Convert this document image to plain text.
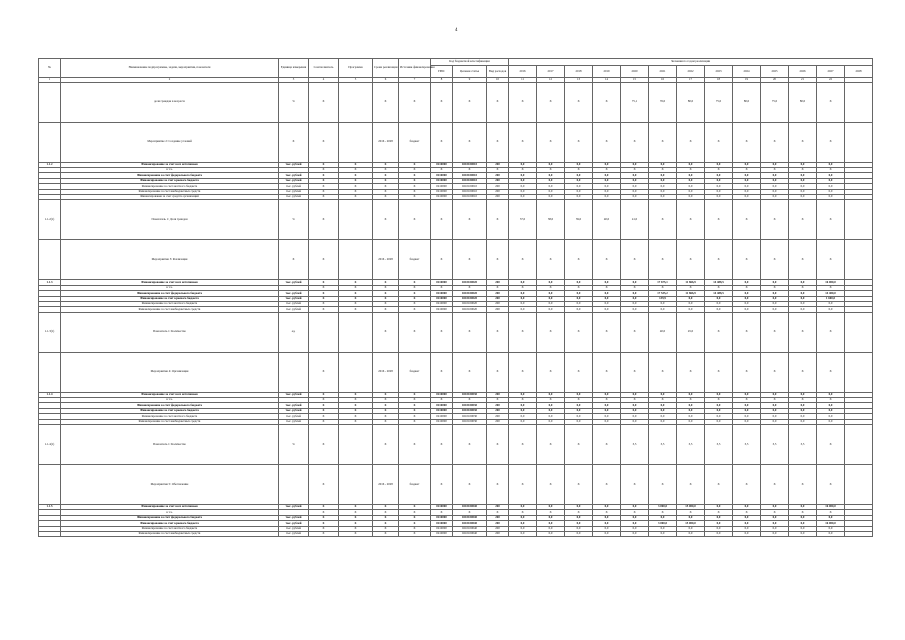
4
№	Наименование подпрограммы, задачи, мероприятия, показателя	Единица измерения	Соисполнитель	Программа	Сроки реализации	Источник финансирования	Код бюджетной классификации			Значения по годам реализации												
							ГРБС	Целевая статья	Вид расходов	2016	2017	2018	2019	2020	2021	2022	2023	2024	2025	2026	2027	2028
1	2	3	4	5	6	7	8	9	10	11	12	13	14	15	16	17	18	19	20	21	22	
	доля граждан в возрасте	%	Х		Х	Х	Х	Х	Х	Х	Х	Х	Х	75,1	76,0	80,0	75,0	80,0	75,0	80,0	Х	
	Мероприятие 2: Создание условий	Х	Х		2016 - 2028	бюджет	Х	Х	Х	Х	Х	Х	Х	Х	Х	Х	Х	Х	Х	Х	Х	
1.1.2	Финансирование за счет всех источников	тыс. рублей	Х	Х	Х	Х	0210000	0210100010	200	0,0	0,0	0,0	0,0	0,0	0,0	0,0	0,0	0,0	0,0	0,0	0,0	
	в т.ч.		Х	Х	Х	Х	Х	Х	Х	Х	Х	Х	Х	Х	Х	Х	Х	Х	Х	Х	Х	
	Финансирование за счет федерального бюджета	тыс. рублей	Х	Х	Х	Х	0210000	0210100010	200	0,0	0,0	0,0	0,0	0,0	0,0	0,0	0,0	0,0	0,0	0,0	0,0	
	Финансирование за счет краевого бюджета	тыс. рублей	Х	Х	Х	Х	0210000	0210100010	200	0,0	0,0	0,0	0,0	0,0	0,0	0,0	0,0	0,0	0,0	0,0	0,0	
	Финансирование за счет местного бюджета	тыс. рублей	Х	Х	Х	Х	0210000	0210100010	200	0,0	0,0	0,0	0,0	0,0	0,0	0,0	0,0	0,0	0,0	0,0	0,0	
	Финансирование за счет внебюджетных средств	тыс. рублей	Х	Х	Х	Х	0210000	0210100010	200	0,0	0,0	0,0	0,0	0,0	0,0	0,0	0,0	0,0	0,0	0,0	0,0	
	Финансирование за счет средств организаций	тыс. рублей	Х	Х	Х	Х	0210000	0210100010	200	0,0	0,0	0,0	0,0	0,0	0,0	0,0	0,0	0,0	0,0	0,0	0,0	
1.1.2(1)	Показатель 1: Доля граждан	%	Х		Х	Х	Х	Х	Х	37,0	38,0	39,0	40,0	41,0	Х	Х	Х	Х	Х	Х	Х	
	Мероприятие 3: Реализация	Х	Х		2016 - 2028	бюджет	Х	Х	Х	Х	Х	Х	Х	Х	Х	Х	Х	Х	Х	Х	Х	
1.1.3	Финансирование за счет всех источников	тыс. рублей	Х	Х	Х	Х	0210000	0210100020	200	0,0	0,0	0,0	0,0	0,0	17 675,1	11 866,9	14 488,5	0,0	0,0	0,0	16 000,0	
	в т.ч.		Х	Х	Х	Х	Х	Х	Х	Х	Х	Х	Х	Х	Х	Х	Х	Х	Х	Х	Х	
	Финансирование за счет федерального бюджета	тыс. рублей	Х	Х	Х	Х	0210000	0210100020	200	0,0	0,0	0,0	0,0	0,0	17 535,2	11 866,9	14 488,5	0,0	0,0	0,0	14 400,0	
	Финансирование за счет краевого бюджета	тыс. рублей	Х	Х	Х	Х	0210000	0210100020	200	0,0	0,0	0,0	0,0	0,0	139,9	0,0	0,0	0,0	0,0	0,0	1 600,0	
	Финансирование за счет местного бюджета	тыс. рублей	Х	Х	Х	Х	0210000	0210100020	200	0,0	0,0	0,0	0,0	0,0	0,0	0,0	0,0	0,0	0,0	0,0	0,0	
	Финансирование за счет внебюджетных средств	тыс. рублей	Х	Х	Х	Х	0210000	0210100020	200	0,0	0,0	0,0	0,0	0,0	0,0	0,0	0,0	0,0	0,0	0,0	0,0	
1.1.3(1)	Показатель 1: Количество	ед.			Х	Х	Х	Х	Х	Х	Х	Х	Х	Х	40,0	45,0	Х	Х	Х	Х	Х	
	Мероприятие 4: Организация		Х		2016 - 2028	бюджет	Х	Х	Х	Х	Х	Х	Х	Х	Х	Х	Х	Х	Х	Х	Х	
1.1.4	Финансирование за счет всех источников	тыс. рублей	Х	Х	Х	Х	0210000	0210100030	200	0,0	0,0	0,0	0,0	0,0	0,0	0,0	0,0	0,0	0,0	0,0	0,0	
	в т.ч.		Х	Х	Х	Х	Х	Х	Х	Х	Х	Х	Х	Х	Х	Х	Х	Х	Х	Х	Х	
	Финансирование за счет федерального бюджета	тыс. рублей	Х	Х	Х	Х	0210000	0210100030	200	0,0	0,0	0,0	0,0	0,0	0,0	0,0	0,0	0,0	0,0	0,0	0,0	
	Финансирование за счет краевого бюджета	тыс. рублей	Х	Х	Х	Х	0210000	0210100030	200	0,0	0,0	0,0	0,0	0,0	0,0	0,0	0,0	0,0	0,0	0,0	0,0	
	Финансирование за счет местного бюджета	тыс. рублей	Х	Х	Х	Х	0210000	0210100030	200	0,0	0,0	0,0	0,0	0,0	0,0	0,0	0,0	0,0	0,0	0,0	0,0	
	Финансирование за счет внебюджетных средств	тыс. рублей	Х	Х	Х	Х	0210000	0210100030	200	0,0	0,0	0,0	0,0	0,0	0,0	0,0	0,0	0,0	0,0	0,0	0,0	
1.1.4(1)	Показатель 1: Количество	%	Х		Х	Х	Х	Х	Х	Х	Х	Х	Х	3,5	3,5	3,5	3,5	3,5	3,5	3,5	Х	
	Мероприятие 5: Обеспечение		Х		2016 - 2028	бюджет	Х	Х	Х	Х	Х	Х	Х	Х	Х	Х	Х	Х	Х	Х	Х	
1.1.5	Финансирование за счет всех источников	тыс. рублей	Х	Х	Х	Х	0210000	0210100040	200	0,0	0,0	0,0	0,0	0,0	3 000,0	15 000,0	0,0	0,0	0,0	0,0	16 000,0	
	в т.ч.		Х	Х	Х	Х	Х	Х	Х	Х	Х	Х	Х	Х	Х	Х	Х	Х	Х	Х	Х	
	Финансирование за счет федерального бюджета	тыс. рублей	Х	Х	Х	Х	0210000	0210100040	200	0,0	0,0	0,0	0,0	0,0	0,0	0,0	0,0	0,0	0,0	0,0	0,0	
	Финансирование за счет краевого бюджета	тыс. рублей	Х	Х	Х	Х	0210000	0210100040	200	0,0	0,0	0,0	0,0	0,0	3 000,0	15 000,0	0,0	0,0	0,0	0,0	16 000,0	
	Финансирование за счет местного бюджета	тыс. рублей	Х	Х	Х	Х	0210000	0210100040	200	0,0	0,0	0,0	0,0	0,0	0,0	0,0	0,0	0,0	0,0	0,0	0,0	
	Финансирование за счет внебюджетных средств	тыс. рублей	Х	Х	Х	Х	0210000	0210100040	200	0,0	0,0	0,0	0,0	0,0	0,0	0,0	0,0	0,0	0,0	0,0	0,0	
